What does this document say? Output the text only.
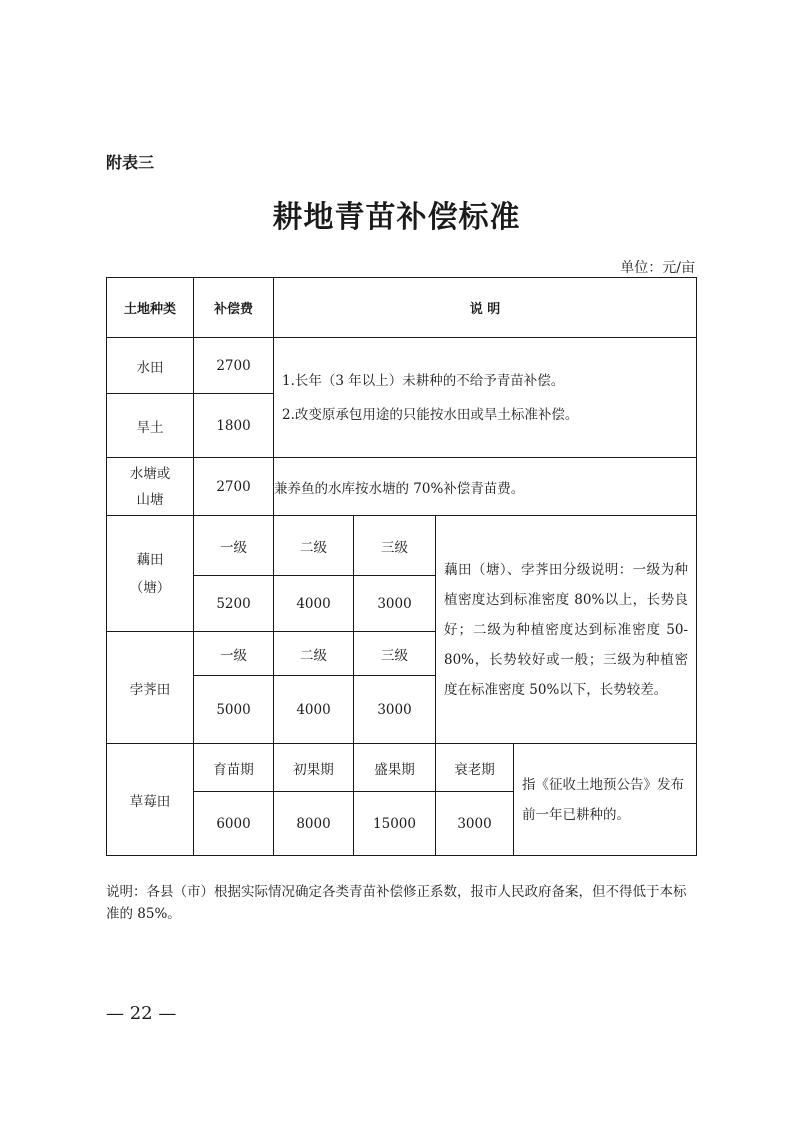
附表三
耕地青苗补偿标准
单位：元/亩
土地种类	补偿费	说 明			
水田	2700	1.长年（3 年以上）未耕种的不给予青苗补偿。
2.改变原承包用途的只能按水田或旱土标准补偿。			

旱土	1800				

水塘或
山塘	2700	兼养鱼的水库按水塘的 70%补偿青苗费。			

藕田
（塘）	一级	二级	三级	藕田（塘）、孛荠田分级说明：一级为种植密度达到标准密度 80%以上，长势良好；二级为种植密度达到标准密度 50-80%，长势较好或一般；三级为种植密度在标准密度 50%以下，长势较差。	
	5200	4000	3000		
孛荠田	一级	二级	三级		
	5000	4000	3000		
草莓田	育苗期	初果期	盛果期	衰老期	指《征收土地预公告》发布前一年已耕种的。
	6000	8000	15000	3000	
说明：各县（市）根据实际情况确定各类青苗补偿修正系数，报市人民政府备案，但不得低于本标准的 85%。
— 22 —
